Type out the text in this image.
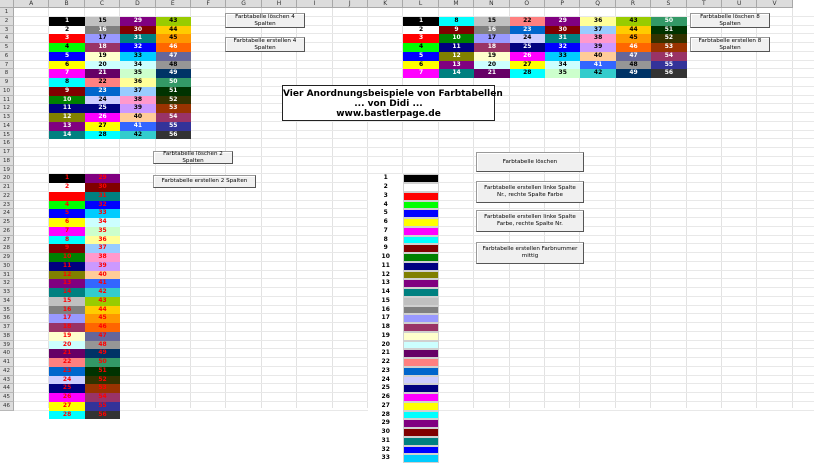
A	B	C	D	E	F	G	H	I	J	K	L	M	N	O	P	Q	R	S	T	U	V
1
2
3
4
5
6
7
8
9
10
11
12
13
14
15
16
17
18
19
20
21
22
23
24
25
26
27
28
29
30
31
32
33
34
35
36
37
38
39
40
41
42
43
44
45
46
1	15	29	43
2	16	30	44
3	17	31	45
4	18	32	46
5	19	33	47
6	20	34	48
7	21	35	49
8	22	36	50
9	23	37	51
10	24	38	52
11	25	39	53
12	26	40	54
13	27	41	55
14	28	42	56
1	8	15	22	29	36	43	50
2	9	16	23	30	37	44	51
3	10	17	24	31	38	45	52
4	11	18	25	32	39	46	53
5	12	19	26	33	40	47	54
6	13	20	27	34	41	48	55
7	14	21	28	35	42	49	56
1	29
2	30
3	31
4	32
5	33
6	34
7	35
8	36
9	37
10	38
11	39
12	40
13	41
14	42
15	43
16	44
17	45
18	46
19	47
20	48
21	49
22	50
23	51
24	52
25	53
26	54
27	55
28	56
1
2
3
4
5
6
7
8
9
10
11
12
13
14
15
16
17
18
19
20
21
22
23
24
25
26
27
28
29
30
31
32
33
Vier Anordnungsbeispiele von Farbtabellen
... von Didi ...
www.bastlerpage.de
Farbtabelle löschen 4 Spalten
Farbtabelle erstellen 4 Spalten
Farbtabelle löschen 8 Spalten
Farbtabelle erstellen 8 Spalten
Farbtabelle löschen 2 Spalten
Farbtabelle erstellen 2 Spalten
Farbtabelle löschen
Farbtabelle erstellen linke Spalte Nr., rechte Spalte Farbe
Farbtabelle erstellen linke Spalte Farbe, rechte Spalte Nr.
Farbtabelle erstellen Farbnummer mittig
